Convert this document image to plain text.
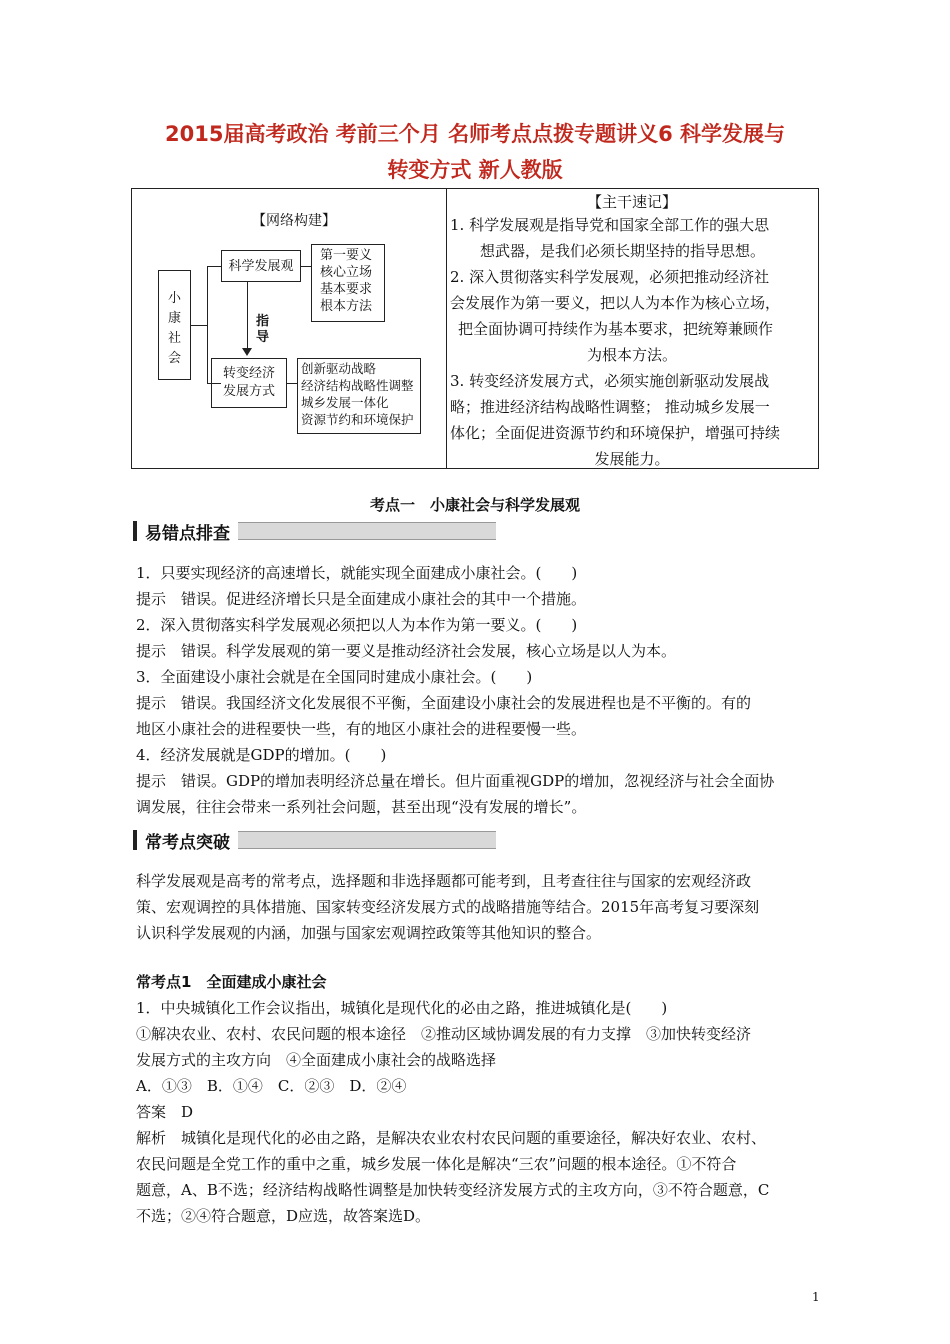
2015届高考政治 考前三个月 名师考点点拨专题讲义6 科学发展与
转变方式 新人教版
【网络构建】
小
康
社
会
科学发展观
第一要义
核心立场
基本要求
根本方法
指
导
转变经济
发展方式
创新驱动战略
经济结构战略性调整
城乡发展一体化
资源节约和环境保护
【主干速记】
1. 科学发展观是指导党和国家全部工作的强大思
想武器，是我们必须长期坚持的指导思想。
2. 深入贯彻落实科学发展观，必须把推动经济社
会发展作为第一要义，把以人为本作为核心立场，
把全面协调可持续作为基本要求，把统筹兼顾作
为根本方法。
3. 转变经济发展方式，必须实施创新驱动发展战
略；推进经济结构战略性调整； 推动城乡发展一
体化；全面促进资源节约和环境保护，增强可持续
发展能力。
考点一　小康社会与科学发展观
易错点排查
1．只要实现经济的高速增长，就能实现全面建成小康社会。(　　)
提示　错误。促进经济增长只是全面建成小康社会的其中一个措施。
2．深入贯彻落实科学发展观必须把以人为本作为第一要义。(　　)
提示　错误。科学发展观的第一要义是推动经济社会发展，核心立场是以人为本。
3．全面建设小康社会就是在全国同时建成小康社会。(　　)
提示　错误。我国经济文化发展很不平衡，全面建设小康社会的发展进程也是不平衡的。有的
地区小康社会的进程要快一些，有的地区小康社会的进程要慢一些。
4．经济发展就是GDP的增加。(　　)
提示　错误。GDP的增加表明经济总量在增长。但片面重视GDP的增加，忽视经济与社会全面协
调发展，往往会带来一系列社会问题，甚至出现“没有发展的增长”。
常考点突破
科学发展观是高考的常考点，选择题和非选择题都可能考到，且考查往往与国家的宏观经济政
策、宏观调控的具体措施、国家转变经济发展方式的战略措施等结合。2015年高考复习要深刻
认识科学发展观的内涵，加强与国家宏观调控政策等其他知识的整合。
常考点1　全面建成小康社会
1．中央城镇化工作会议指出，城镇化是现代化的必由之路，推进城镇化是(　　)
①解决农业、农村、农民问题的根本途径　②推动区域协调发展的有力支撑　③加快转变经济
发展方式的主攻方向　④全面建成小康社会的战略选择
A．①③　B．①④　C．②③　D．②④
答案　D
解析　城镇化是现代化的必由之路，是解决农业农村农民问题的重要途径，解决好农业、农村、
农民问题是全党工作的重中之重，城乡发展一体化是解决“三农”问题的根本途径。①不符合
题意，A、B不选；经济结构战略性调整是加快转变经济发展方式的主攻方向，③不符合题意，C
不选；②④符合题意，D应选，故答案选D。
1
